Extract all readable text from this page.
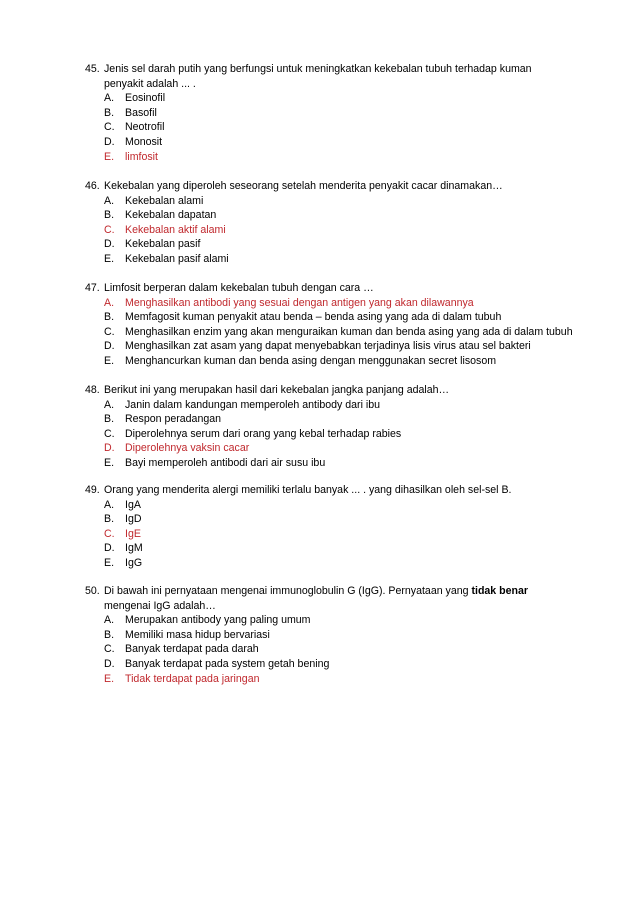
45. Jenis sel darah putih yang berfungsi untuk meningkatkan kekebalan tubuh terhadap kuman
penyakit adalah ... .
A.	Eosinofil
B.	Basofil
C. Neotrofil
D. Monosit
E.	limfosit
46. Kekebalan yang diperoleh seseorang setelah menderita penyakit cacar dinamakan…
A.	Kekebalan alami
B.	Kekebalan dapatan
C. Kekebalan aktif alami
D. Kekebalan pasif
E.	Kekebalan pasif alami
47. Limfosit berperan dalam kekebalan tubuh dengan cara …
A.	Menghasilkan antibodi yang sesuai dengan antigen yang akan dilawannya
B.	Memfagosit kuman penyakit atau benda – benda asing yang ada di dalam tubuh
C. Menghasilkan enzim yang akan menguraikan kuman dan benda asing yang ada di dalam tubuh
D. Menghasilkan zat asam yang dapat menyebabkan terjadinya lisis virus atau sel bakteri
E.	Menghancurkan kuman dan benda asing dengan menggunakan secret lisosom
48. Berikut ini yang merupakan hasil dari kekebalan jangka panjang adalah…
A.	Janin dalam kandungan memperoleh antibody dari ibu
B.	Respon peradangan
C. Diperolehnya serum dari orang yang kebal terhadap rabies
D. Diperolehnya vaksin cacar
E.	Bayi memperoleh antibodi dari air susu ibu
49. Orang yang menderita alergi memiliki terlalu banyak ... . yang dihasilkan oleh sel-sel B.
A.	IgA
B.	IgD
C. IgE
D. IgM
E.	IgG
50. Di bawah ini pernyataan mengenai immunoglobulin G (IgG). Pernyataan yang tidak benar
mengenai IgG adalah…
A.	Merupakan antibody yang paling umum
B.	Memiliki masa hidup bervariasi
C. Banyak terdapat pada darah
D. Banyak terdapat pada system getah bening
E.	Tidak terdapat pada jaringan
